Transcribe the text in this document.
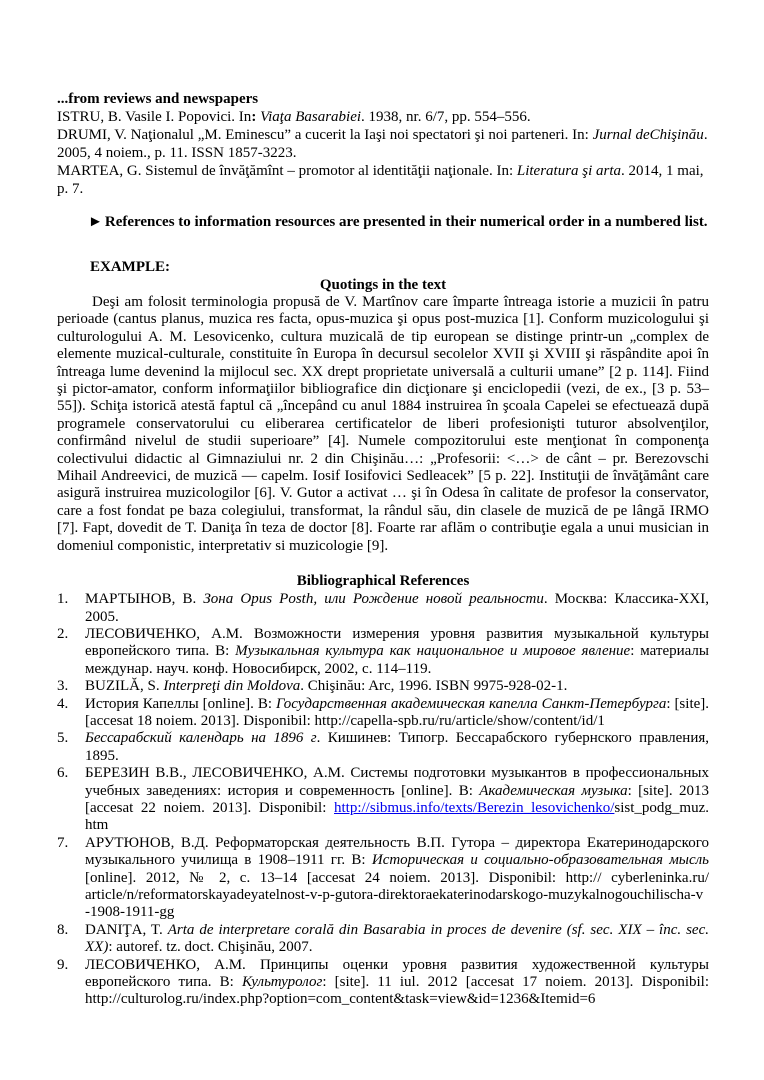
...from reviews and newspapers

ISTRU, B. Vasile I. Popovici. In: Viaţa Basarabiei. 1938, nr. 6/7, pp. 554–556.

DRUMI, V. Naţionalul „M. Eminescu” a cucerit la Iaşi noi spectatori şi noi parteneri. In: Jurnal deChişinău. 2005, 4 noiem., p. 11. ISSN 1857-3223.

MARTEA, G. Sistemul de învăţămînt – promotor al identităţii naţionale. In: Literatura şi arta. 2014, 1 mai, p. 7.

►References to information resources are presented in their numerical order in a numbered list.

EXAMPLE:

Quotings in the text

Deşi am folosit terminologia propusă de V. Martînov care împarte întreaga istorie a muzicii în patru perioade (cantus planus, muzica res facta, opus-muzica şi opus post-muzica [1]. Conform muzicologului şi culturologului A. M. Lesovicenko, cultura muzicală de tip european se distinge printr-un „complex de elemente muzical-culturale, constituite în Europa în decursul secolelor XVII şi XVIII şi răspândite apoi în întreaga lume devenind la mijlocul sec. XX drept proprietate universală a culturii umane” [2 p. 114]. Fiind şi pictor-amator, conform informaţiilor bibliografice din dicţionare şi enciclopedii (vezi, de ex., [3 p. 53–55]). Schiţa istorică atestă faptul că „începând cu anul 1884 instruirea în şcoala Capelei se efectuează după programele conservatorului cu eliberarea certificatelor de liberi profesionişti tuturor absolvenţilor, confirmând nivelul de studii superioare” [4]. Numele compozitorului este menţionat în componenţa colectivului didactic al Gimnaziului nr. 2 din Chişinău…: „Profesorii: <…> de cânt – pr. Berezovschi Mihail Andreevici, de muzică — capelm. Iosif Iosifovici Sedleacek” [5 p. 22]. Instituţii de învăţământ care asigură instruirea muzicologilor [6]. V. Gutor a activat … şi în Odesa în calitate de profesor la conservator, care a fost fondat pe baza colegiului, transformat, la rândul său, din clasele de muzică de pe lângă IRMO [7]. Fapt, dovedit de T. Daniţa în teza de doctor [8]. Foarte rar aflăm o contribuţie egala a unui musician in domeniul componistic, interpretativ si muzicologie [9].

Bibliographical References

1. МАРТЫНОВ, В. Зона Opus Posth, или Рождение новой реальности. Москва: Классика-XXI, 2005.

2. ЛЕСОВИЧЕНКО, А.М. Возможности измерения уровня развития музыкальной культуры европейского типа. В: Музыкальная культура как национальное и мировое явление: материалы междунар. науч. конф. Новосибирск, 2002, с. 114–119.

3. BUZILĂ, S. Interpreţi din Moldova. Chişinău: Arc, 1996. ISBN 9975-928-02-1.

4. История Капеллы [online]. В: Государственная академическая капелла Санкт-Петербурга: [site]. [accesat 18 noiem. 2013]. Disponibil: http://capella-spb.ru/ru/article/show/content/id/1

5. Бессарабский календарь на 1896 г. Кишинев: Типогр. Бессарабского губернского правления, 1895.

6. БЕРЕЗИН В.В., ЛЕСОВИЧЕНКО, А.М. Системы подготовки музыкантов в профессиональных учебных заведениях: история и современность [online]. В: Академическая музыка: [site]. 2013 [accesat 22 noiem. 2013]. Disponibil: http://sibmus.info/texts/Berezin_lesovichenko/sist_podg_muz. htm

7. АРУТЮНОВ, В.Д. Реформаторская деятельность В.П. Гутора – директора Екатеринодарского музыкального училища в 1908–1911 гг. В: Историческая и социально-образовательная мысль [online]. 2012, № 2, с. 13–14 [accesat 24 noiem. 2013]. Disponibil: http:// cyberleninka.ru/ article/n/reformatorskayadeyatelnost-v-p-gutora-direktoraekaterinodarskogo-muzykalnogouchilischa-v -1908-1911-gg

8. DANIŢA, T. Arta de interpretare corală din Basarabia in proces de devenire (sf. sec. XIX – înc. sec. XX): autoref. tz. doct. Chişinău, 2007.

9. ЛЕСОВИЧЕНКО, А.М. Принципы оценки уровня развития художественной культуры европейского типа. В: Культуролог: [site]. 11 iul. 2012 [accesat 17 noiem. 2013]. Disponibil: http://culturolog.ru/index.php?option=com_content&task=view&id=1236&Itemid=6
